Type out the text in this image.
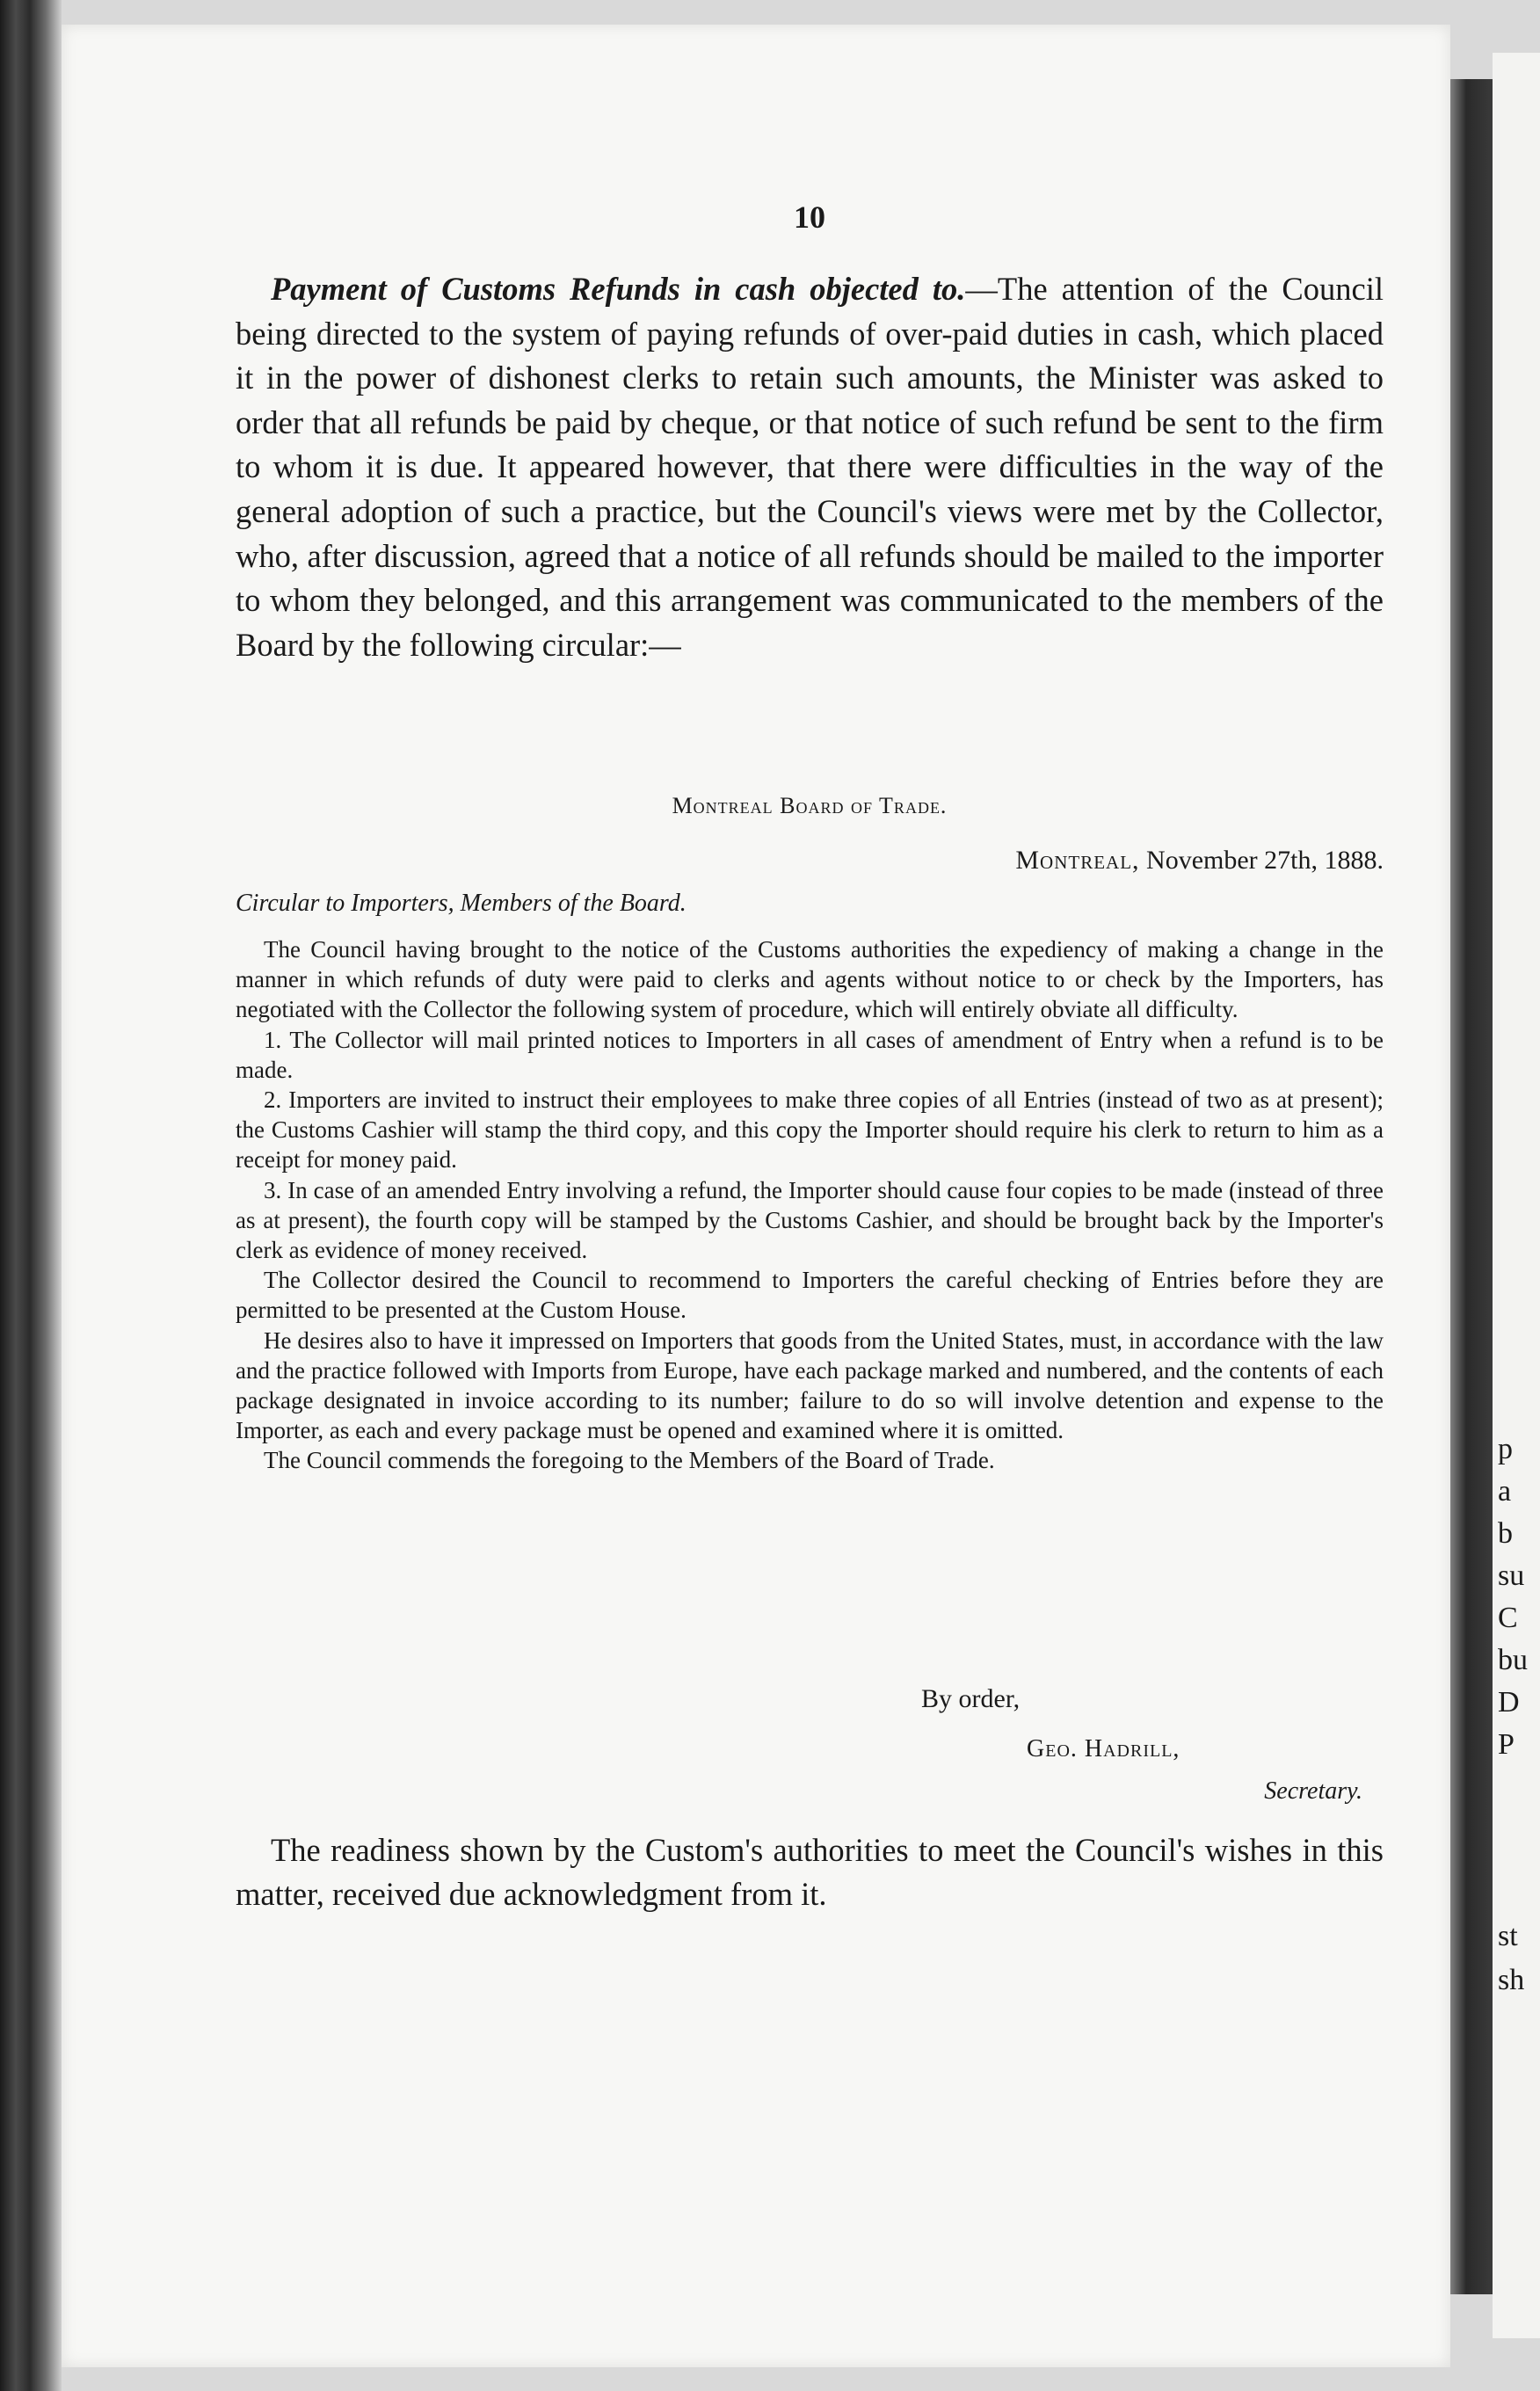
10

Payment of Customs Refunds in cash objected to.—The attention of the Council being directed to the system of paying refunds of over-paid duties in cash, which placed it in the power of dishonest clerks to retain such amounts, the Minister was asked to order that all refunds be paid by cheque, or that notice of such refund be sent to the firm to whom it is due. It appeared however, that there were difficulties in the way of the general adoption of such a practice, but the Council's views were met by the Collector, who, after discussion, agreed that a notice of all refunds should be mailed to the importer to whom they belonged, and this arrangement was communicated to the members of the Board by the following circular:—

Montreal Board of Trade.

Montreal, November 27th, 1888.

Circular to Importers, Members of the Board.

The Council having brought to the notice of the Customs authorities the expediency of making a change in the manner in which refunds of duty were paid to clerks and agents without notice to or check by the Importers, has negotiated with the Collector the following system of procedure, which will entirely obviate all difficulty.

1. The Collector will mail printed notices to Importers in all cases of amendment of Entry when a refund is to be made.

2. Importers are invited to instruct their employees to make three copies of all Entries (instead of two as at present); the Customs Cashier will stamp the third copy, and this copy the Importer should require his clerk to return to him as a receipt for money paid.

3. In case of an amended Entry involving a refund, the Importer should cause four copies to be made (instead of three as at present), the fourth copy will be stamped by the Customs Cashier, and should be brought back by the Importer's clerk as evidence of money received.

The Collector desired the Council to recommend to Importers the careful checking of Entries before they are permitted to be presented at the Custom House.

He desires also to have it impressed on Importers that goods from the United States, must, in accordance with the law and the practice followed with Imports from Europe, have each package marked and numbered, and the contents of each package designated in invoice according to its number; failure to do so will involve detention and expense to the Importer, as each and every package must be opened and examined where it is omitted.

The Council commends the foregoing to the Members of the Board of Trade.

By order,

Geo. Hadrill,

Secretary.

The readiness shown by the Custom's authorities to meet the Council's wishes in this matter, received due acknowledgment from it.

p
a
b
su
C
bu
D
P
st
sh
